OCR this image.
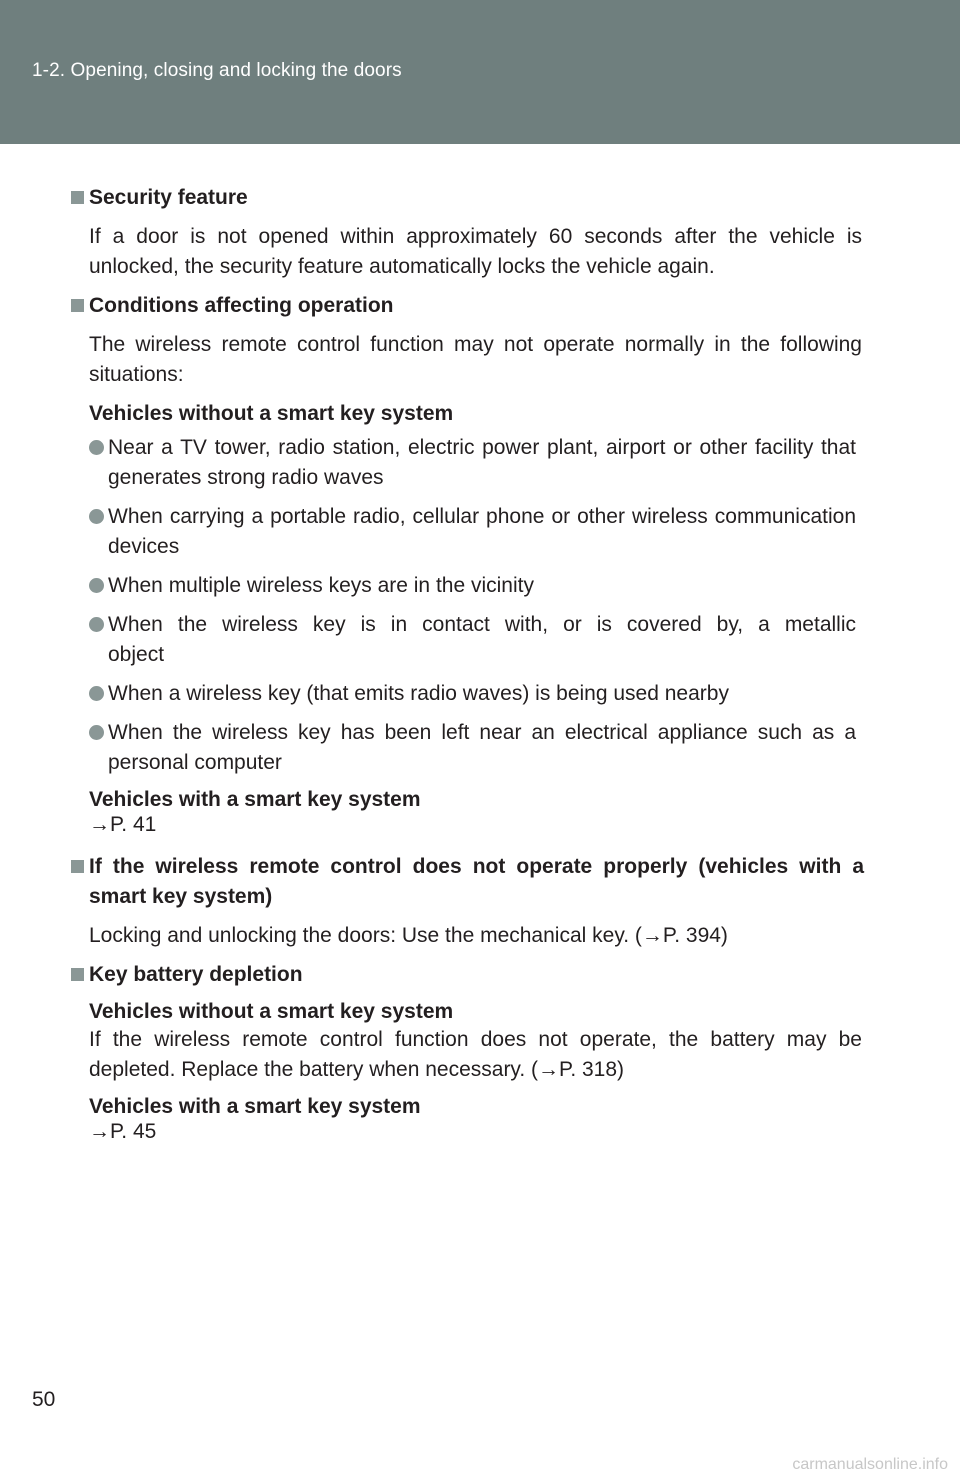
1-2. Opening, closing and locking the doors
Security feature
If a door is not opened within approximately 60 seconds after the vehicle is unlocked, the security feature automatically locks the vehicle again.
Conditions affecting operation
The wireless remote control function may not operate normally in the following situations:
Vehicles without a smart key system
Near a TV tower, radio station, electric power plant, airport or other facility that generates strong radio waves
When carrying a portable radio, cellular phone or other wireless communication devices
When multiple wireless keys are in the vicinity
When the wireless key is in contact with, or is covered by, a metallic object
When a wireless key (that emits radio waves) is being used nearby
When the wireless key has been left near an electrical appliance such as a personal computer
Vehicles with a smart key system
→P. 41
If the wireless remote control does not operate properly (vehicles with a smart key system)
Locking and unlocking the doors: Use the mechanical key. (→P. 394)
Key battery depletion
Vehicles without a smart key system
If the wireless remote control function does not operate, the battery may be depleted. Replace the battery when necessary. (→P. 318)
Vehicles with a smart key system
→P. 45
50
carmanualsonline.info
